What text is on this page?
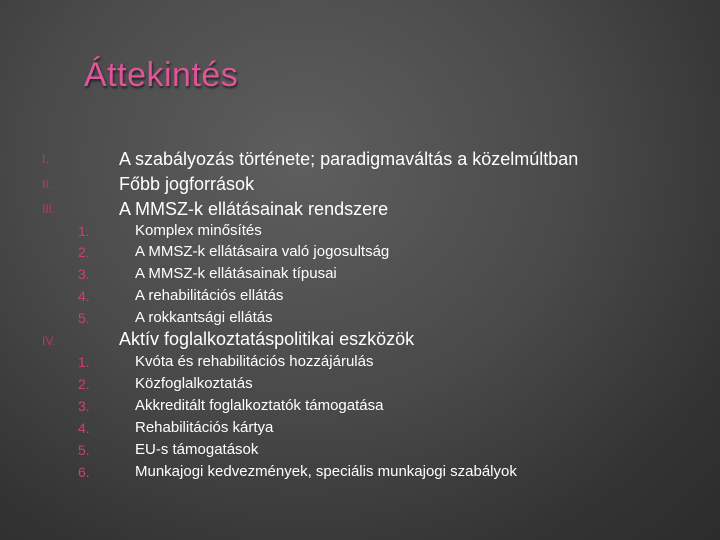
Áttekintés
I.	A szabályozás története; paradigmaváltás a közelmúltban
II.	Főbb jogforrások
III.	A MMSZ-k ellátásainak rendszere
1.	Komplex minősítés
2.	A MMSZ-k ellátásaira való jogosultság
3.	A MMSZ-k ellátásainak típusai
4.	A rehabilitációs ellátás
5.	A rokkantsági ellátás
IV.	Aktív foglalkoztatáspolitikai eszközök
1.	Kvóta és rehabilitációs hozzájárulás
2.	Közfoglalkoztatás
3.	Akkreditált foglalkoztatók támogatása
4.	Rehabilitációs kártya
5.	EU-s támogatások
6.	Munkajogi kedvezmények, speciális munkajogi szabályok
